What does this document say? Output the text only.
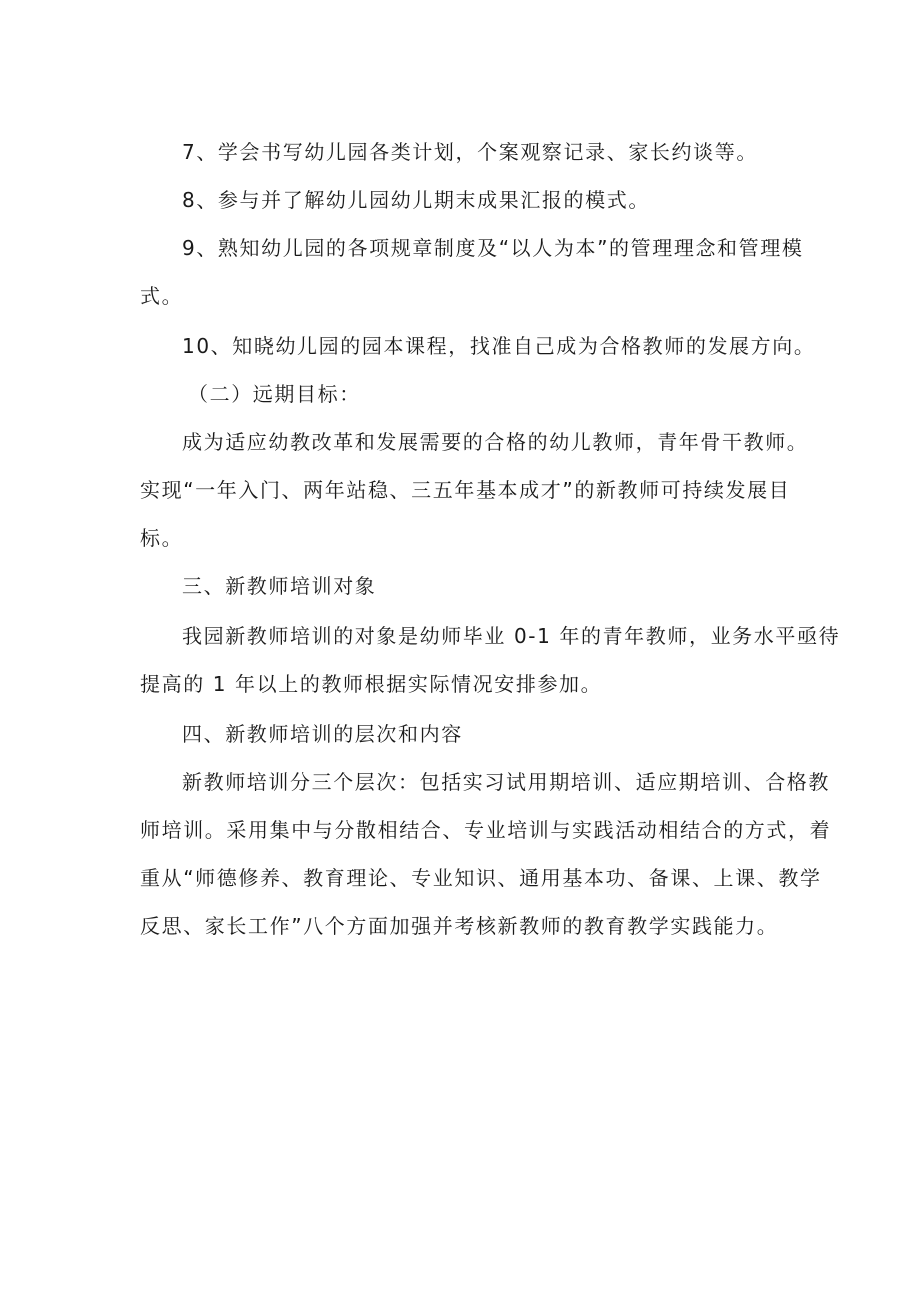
7、学会书写幼儿园各类计划，个案观察记录、家长约谈等。

8、参与并了解幼儿园幼儿期末成果汇报的模式。

9、熟知幼儿园的各项规章制度及“以人为本”的管理理念和管理模
式。

10、知晓幼儿园的园本课程，找准自己成为合格教师的发展方向。

（二）远期目标：

成为适应幼教改革和发展需要的合格的幼儿教师，青年骨干教师。
实现“一年入门、两年站稳、三五年基本成才”的新教师可持续发展目
标。

三、新教师培训对象

我园新教师培训的对象是幼师毕业 0-1 年的青年教师，业务水平亟待
提高的 1 年以上的教师根据实际情况安排参加。

四、新教师培训的层次和内容

新教师培训分三个层次：包括实习试用期培训、适应期培训、合格教
师培训。采用集中与分散相结合、专业培训与实践活动相结合的方式，着
重从“师德修养、教育理论、专业知识、通用基本功、备课、上课、教学
反思、家长工作”八个方面加强并考核新教师的教育教学实践能力。
